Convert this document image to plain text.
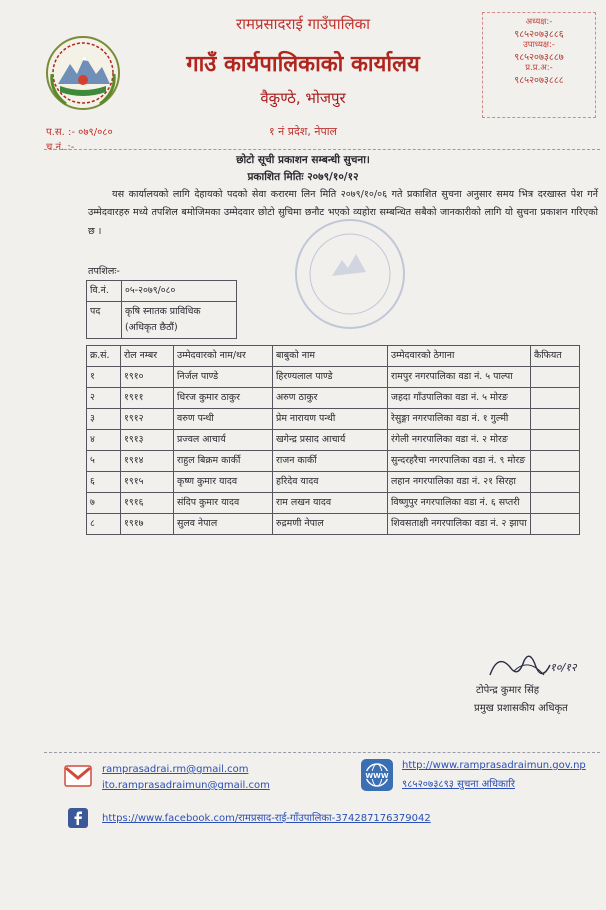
रामप्रसादराई गाउँपालिका
गाउँ कार्यपालिकाको कार्यालय
वैकुण्ठे, भोजपुर
१ नं प्रदेश, नेपाल
अध्यक्ष:-
९८५२०७३८८६
उपाध्यक्ष:-
९८५२०७३८८७
प्र.प्र.अ:-
९८५२०७३८८८
प.स. :- ०७९/०८०
च.नं. :-
छोटो सूची प्रकाशन सम्बन्धी सुचना।
प्रकाशित मितिः २०७९/१०/१२
यस कार्यालयको लागि देहायको पदको सेवा करारमा लिन मिति २०७९/१०/०६ गते प्रकाशित सुचना अनुसार समय भित्र दरखास्त पेश गर्ने उम्मेदवारहरु मध्ये तपशिल बमोजिमका उम्मेदवार छोटो सुचिमा छनौट भएको व्यहोरा सम्बन्धित सबैको जानकारीको लागि यो सुचना प्रकाशन गरिएको छ ।
तपशिलः-
वि.नं.	०५-२०७९/०८०
पद	कृषि स्नातक प्राविधिक (अधिकृत छैठौं)
क्र.सं.	रोल नम्बर	उम्मेदवारको नाम/थर	बाबुको नाम	उम्मेदवारको ठेगाना	कैफियत
१	१९१०	निर्जल पाण्डे	हिरण्यलाल पाण्डे	रामपुर नगरपालिका वडा नं. ५ पाल्पा	
२	१९११	धिरज कुमार ठाकुर	अरुण ठाकुर	जहदा गाँउपालिका वडा नं. ५ मोरङ	
३	१९१२	वरुण पन्थी	प्रेम नारायण पन्थी	रेसुङ्गा नगरपालिका वडा नं. १ गुल्मी	
४	१९१३	प्रज्वल आचार्य	खगेन्द्र प्रसाद आचार्य	रंगेली नगरपालिका वडा नं. २ मोरङ	
५	१९१४	राहुल बिक्रम कार्की	राजन कार्की	सुन्दरहरैचा नगरपालिका वडा नं. ९ मोरङ	
६	१९१५	कृष्ण कुमार यादव	हरिदेव यादव	लहान नगरपालिका वडा नं. २१ सिरहा	
७	१९१६	संदिप कुमार यादव	राम लखन यादव	विष्णुपुर नगरपालिका वडा नं. ६ सप्तरी	
८	१९१७	सुलव नेपाल	रुद्रमणी नेपाल	शिवसताक्षी नगरपालिका वडा नं. २ झापा	
१०/१२
टोपेन्द्र कुमार सिंह
प्रमुख प्रशासकीय अधिकृत
ramprasadrai.rm@gmail.com
ito.ramprasadraimun@gmail.com
WWW
http://www.ramprasadraimun.gov.np
९८५२०७३८९३ सुचना अधिकारि
https://www.facebook.com/रामप्रसाद-राई-गाँउपालिका-374287176379042
